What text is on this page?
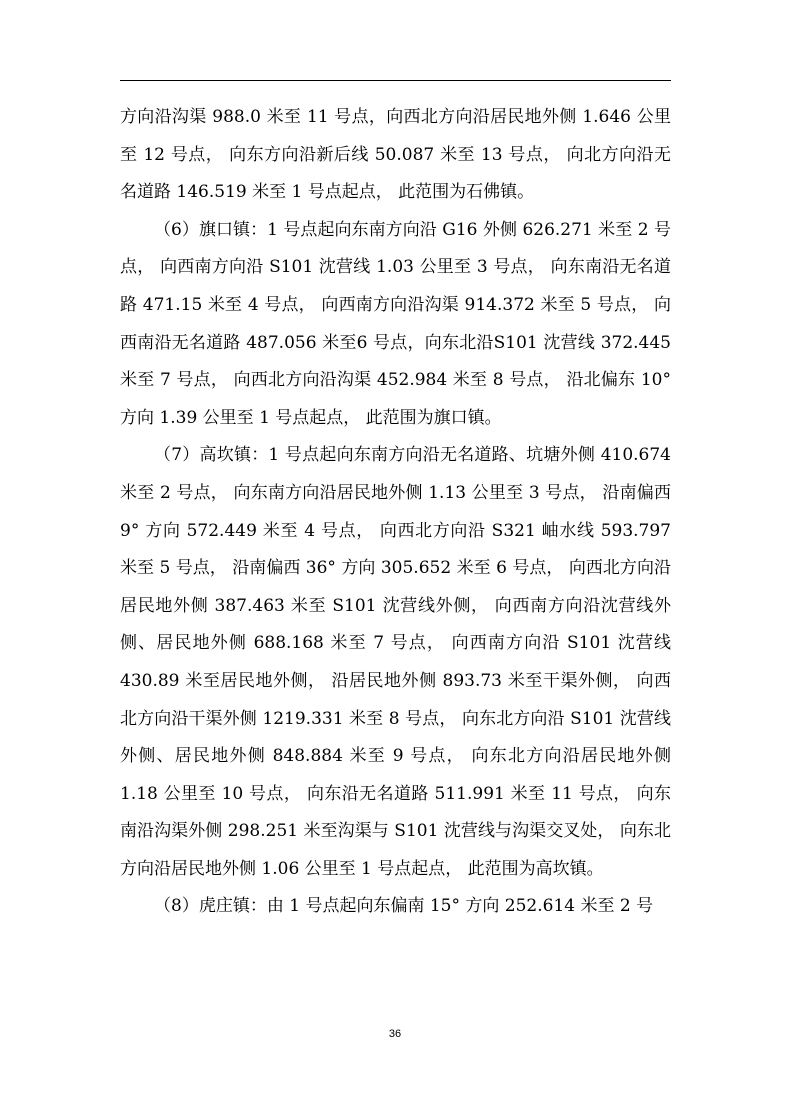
方向沿沟渠 988.0 米至 11 号点，向西北方向沿居民地外侧 1.646 公里至 12 号点， 向东方向沿新后线 50.087 米至 13 号点， 向北方向沿无名道路 146.519 米至 1 号点起点， 此范围为石佛镇。

（6）旗口镇：1 号点起向东南方向沿 G16 外侧 626.271 米至 2 号点， 向西南方向沿 S101 沈营线 1.03 公里至 3 号点， 向东南沿无名道路 471.15 米至 4 号点， 向西南方向沿沟渠 914.372 米至 5 号点， 向西南沿无名道路 487.056 米至6 号点，向东北沿S101 沈营线 372.445 米至 7 号点， 向西北方向沿沟渠 452.984 米至 8 号点， 沿北偏东 10° 方向 1.39 公里至 1 号点起点， 此范围为旗口镇。

（7）高坎镇：1 号点起向东南方向沿无名道路、坑塘外侧 410.674 米至 2 号点， 向东南方向沿居民地外侧 1.13 公里至 3 号点， 沿南偏西 9° 方向 572.449 米至 4 号点， 向西北方向沿 S321 岫水线 593.797 米至 5 号点， 沿南偏西 36° 方向 305.652 米至 6 号点， 向西北方向沿居民地外侧 387.463 米至 S101 沈营线外侧， 向西南方向沿沈营线外侧、居民地外侧 688.168 米至 7 号点， 向西南方向沿 S101 沈营线 430.89 米至居民地外侧， 沿居民地外侧 893.73 米至干渠外侧， 向西北方向沿干渠外侧 1219.331 米至 8 号点， 向东北方向沿 S101 沈营线外侧、居民地外侧 848.884 米至 9 号点， 向东北方向沿居民地外侧 1.18 公里至 10 号点， 向东沿无名道路 511.991 米至 11 号点， 向东南沿沟渠外侧 298.251 米至沟渠与 S101 沈营线与沟渠交叉处， 向东北方向沿居民地外侧 1.06 公里至 1 号点起点， 此范围为高坎镇。

（8）虎庄镇：由 1 号点起向东偏南 15° 方向 252.614 米至 2 号

36
